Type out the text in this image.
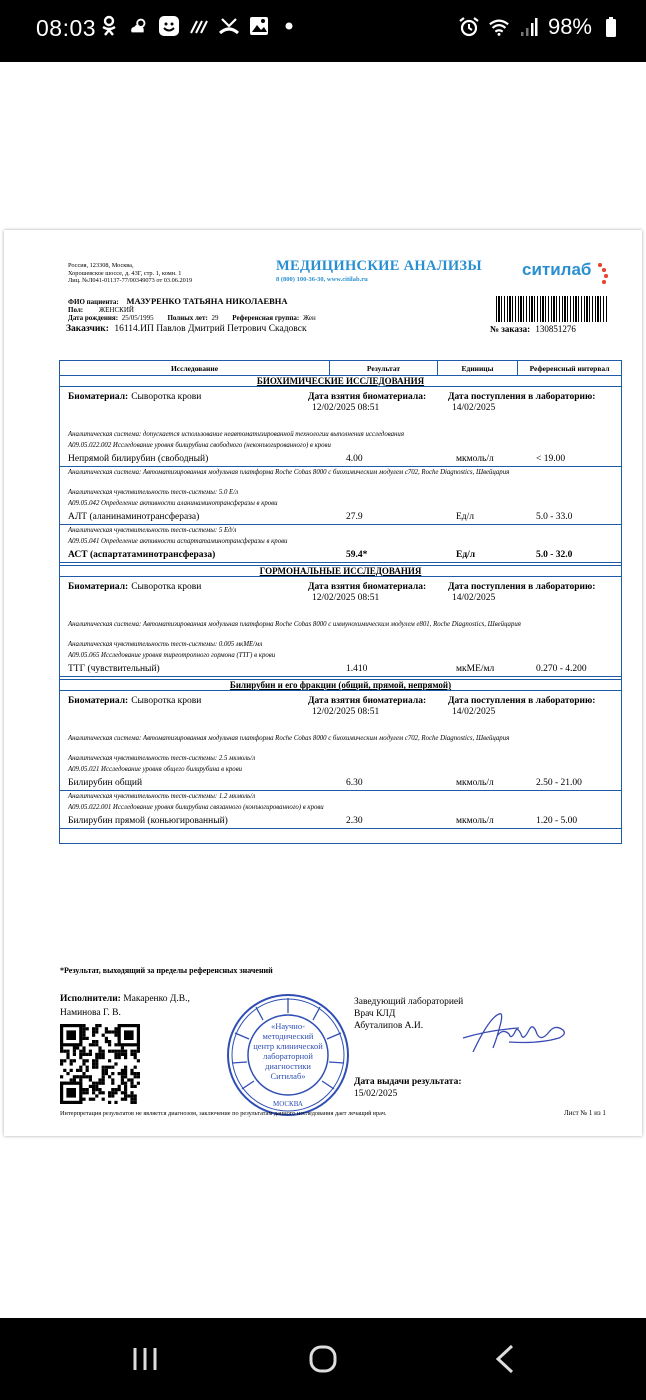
08:03	98%
Россия, 123308, Москва,
Хорошевское шоссе, д. 43Г, стр. 1, комн. 1
Лиц. №Л041-01137-77/00349073 от 03.06.2019
МЕДИЦИНСКИЕ АНАЛИЗЫ
8 (800) 100-36-30, www.citilab.ru
ситилаб
ФИО пациента: МАЗУРЕНКО ТАТЬЯНА НИКОЛАЕВНА
Пол: ЖЕНСКИЙ
Дата рождения: 25/05/1995 Полных лет: 29 Референсная группа: Жен
Заказчик: 16114.ИП Павлов Дмитрий Петрович Скадовск	№ заказа: 130851276
Исследование	Результат	Единицы	Референсный интервал
БИОХИМИЧЕСКИЕ ИССЛЕДОВАНИЯ
Биоматериал: Сыворотка крови	Дата взятия биоматериала: Дата поступления в лабораторию:
12/02/2025 08:51	14/02/2025
Аналитическая система: допускается использование неавтоматизированной технологии выполнения исследования
A09.05.022.002 Исследование уровня билирубина свободного (неконъюгированного) в крови
Непрямой билирубин (свободный)	4.00	мкмоль/л	< 19.00
Аналитическая система: Автоматизированная модульная платформа Roche Cobas 8000 с биохимическим модулем c702, Roche Diagnostics, Швейцария
Аналитическая чувствительность тест-системы: 5.0 Е/л
A09.05.042 Определение активности аланинаминотрансферазы в крови
АЛТ (аланинаминотрансфераза)	27.9	Ед/л	5.0 - 33.0
Аналитическая чувствительность тест-системы: 5 Ед/л
A09.05.041 Определение активности аспартатаминотрансферазы в крови
АСТ (аспартатаминотрансфераза)	59.4*	Ед/л	5.0 - 32.0
ГОРМОНАЛЬНЫЕ ИССЛЕДОВАНИЯ
Биоматериал: Сыворотка крови	Дата взятия биоматериала: Дата поступления в лабораторию:
12/02/2025 08:51	14/02/2025
Аналитическая система: Автоматизированная модульная платформа Roche Cobas 8000 с иммунохимическим модулем e801, Roche Diagnostics, Швейцария
Аналитическая чувствительность тест-системы: 0.005 мкМЕ/мл
A09.05.065 Исследование уровня тиреотропного гормона (ТТГ) в крови
ТТГ (чувствительный)	1.410	мкМЕ/мл	0.270 - 4.200
Билирубин и его фракции (общий, прямой, непрямой)
Биоматериал: Сыворотка крови	Дата взятия биоматериала: Дата поступления в лабораторию:
12/02/2025 08:51	14/02/2025
Аналитическая система: Автоматизированная модульная платформа Roche Cobas 8000 с биохимическим модулем c702, Roche Diagnostics, Швейцария
Аналитическая чувствительность тест-системы: 2.5 мкмоль/л
A09.05.021 Исследование уровня общего билирубина в крови
Билирубин общий	6.30	мкмоль/л	2.50 - 21.00
Аналитическая чувствительность тест-системы: 1.2 мкмоль/л
A09.05.022.001 Исследование уровня билирубина связанного (конъюгированного) в крови
Билирубин прямой (коньюгированный)	2.30	мкмоль/л	1.20 - 5.00
*Результат, выходящий за пределы референсных значений
Исполнители: Макаренко Д.В.,
Наминова Г. В.
«Научно-
методический
центр клинической
лабораторной
диагностики
Ситилаб»
МОСКВА
Заведующий лабораторией
Врач КЛД
Абуталипов А.И.
Дата выдачи результата:
15/02/2025
Интерпретация результатов не является диагнозом, заключение по результатам данного исследования дает лечащий врач.	Лист № 1 из 1
